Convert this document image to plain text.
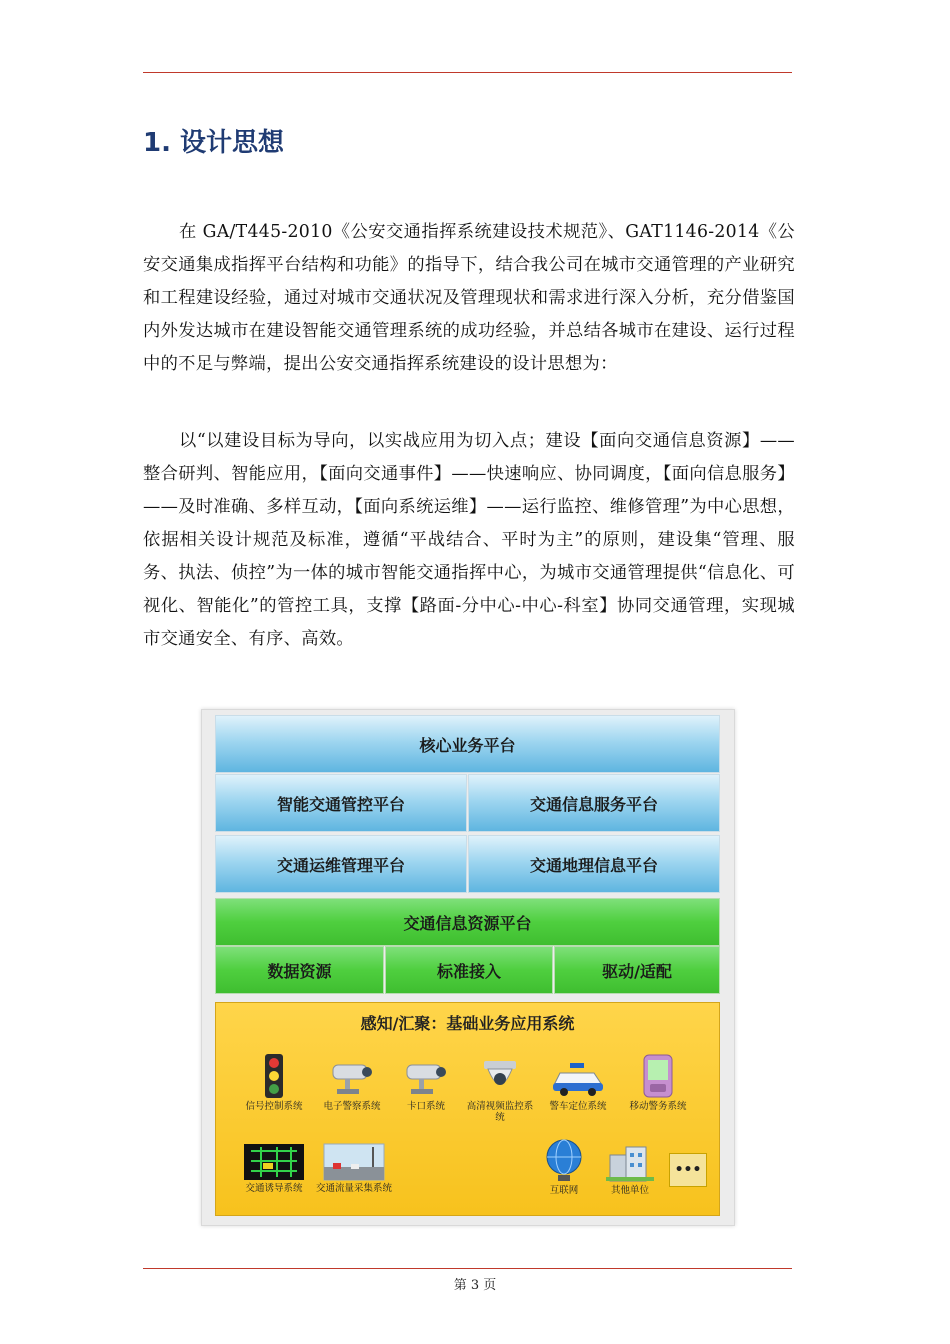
1. 设计思想

在 GA/T445-2010《公安交通指挥系统建设技术规范》、GAT1146-2014《公安交通集成指挥平台结构和功能》的指导下，结合我公司在城市交通管理的产业研究和工程建设经验，通过对城市交通状况及管理现状和需求进行深入分析，充分借鉴国内外发达城市在建设智能交通管理系统的成功经验，并总结各城市在建设、运行过程中的不足与弊端，提出公安交通指挥系统建设的设计思想为：

以“以建设目标为导向，以实战应用为切入点；建设【面向交通信息资源】——整合研判、智能应用，【面向交通事件】——快速响应、协同调度，【面向信息服务】——及时准确、多样互动，【面向系统运维】——运行监控、维修管理”为中心思想，依据相关设计规范及标准，遵循“平战结合、平时为主”的原则，建设集“管理、服务、执法、侦控”为一体的城市智能交通指挥中心，为城市交通管理提供“信息化、可视化、智能化”的管控工具，支撑【路面-分中心-中心-科室】协同交通管理，实现城市交通安全、有序、高效。

核心业务平台
智能交通管控平台	交通信息服务平台
交通运维管理平台	交通地理信息平台
交通信息资源平台
数据资源	标准接入	驱动/适配
感知/汇聚：基础业务应用系统
信号控制系统	电子警察系统	卡口系统	高清视频监控系统
警车定位系统	移动警务系统
交通诱导系统	交通流量采集系统	互联网	其他单位
•••
第 3 页
